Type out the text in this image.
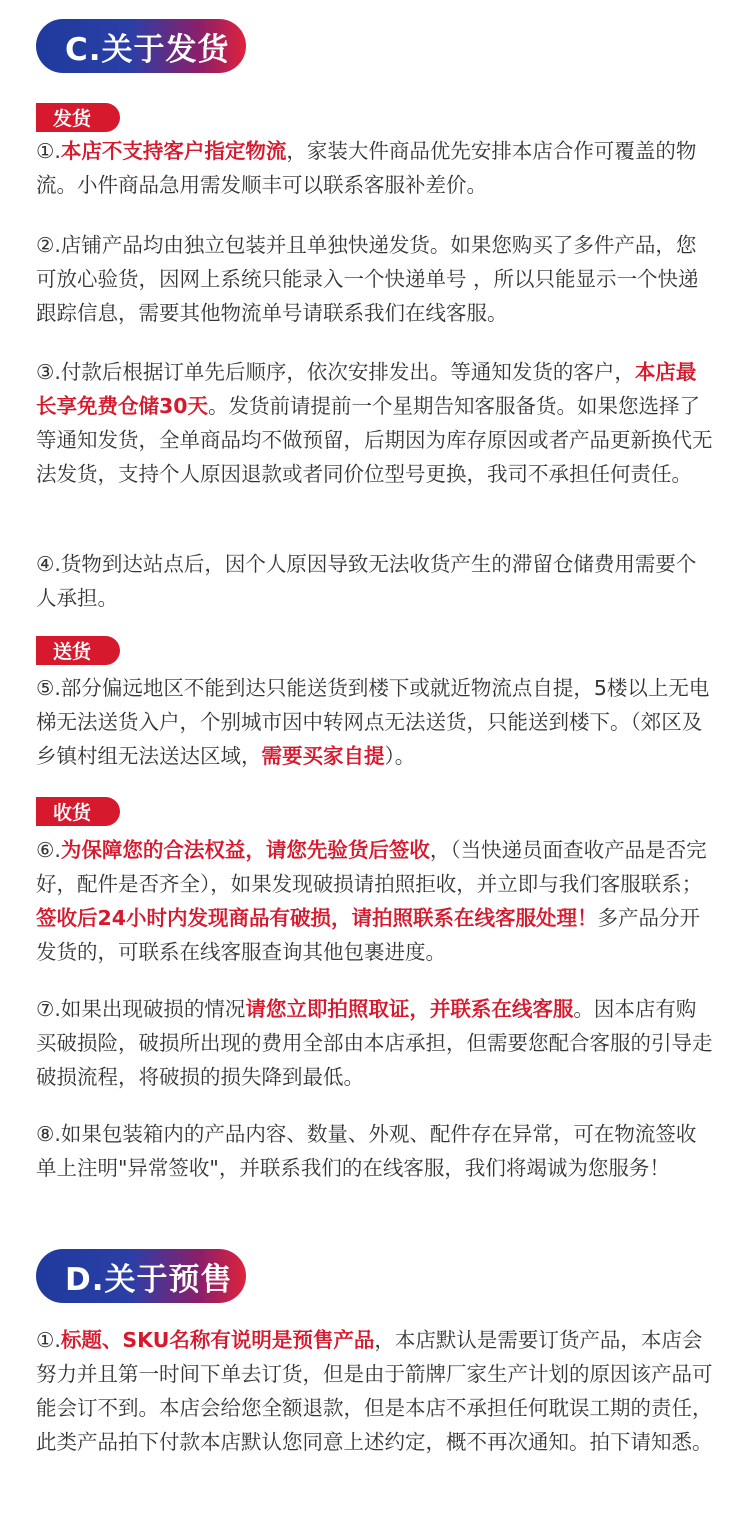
C.关于发货
发货

①.本店不支持客户指定物流，家装大件商品优先安排本店合作可覆盖的物流。小件商品急用需发顺丰可以联系客服补差价。

②.店铺产品均由独立包装并且单独快递发货。如果您购买了多件产品，您可放心验货，因网上系统只能录入一个快递单号 ，所以只能显示一个快递跟踪信息，需要其他物流单号请联系我们在线客服。

③.付款后根据订单先后顺序，依次安排发出。等通知发货的客户，本店最长享免费仓储30天。发货前请提前一个星期告知客服备货。如果您选择了等通知发货，全单商品均不做预留，后期因为库存原因或者产品更新换代无法发货，支持个人原因退款或者同价位型号更换，我司不承担任何责任。

④.货物到达站点后，因个人原因导致无法收货产生的滞留仓储费用需要个人承担。

送货

⑤.部分偏远地区不能到达只能送货到楼下或就近物流点自提，5楼以上无电梯无法送货入户，个别城市因中转网点无法送货，只能送到楼下。（郊区及乡镇村组无法送达区域，需要买家自提）。

收货

⑥.为保障您的合法权益，请您先验货后签收，（当快递员面查收产品是否完好，配件是否齐全），如果发现破损请拍照拒收，并立即与我们客服联系；签收后24小时内发现商品有破损，请拍照联系在线客服处理！多产品分开发货的，可联系在线客服查询其他包裹进度。

⑦.如果出现破损的情况请您立即拍照取证，并联系在线客服。因本店有购买破损险，破损所出现的费用全部由本店承担，但需要您配合客服的引导走破损流程，将破损的损失降到最低。

⑧.如果包装箱内的产品内容、数量、外观、配件存在异常，可在物流签收单上注明"异常签收"，并联系我们的在线客服，我们将竭诚为您服务！

D.关于预售

①.标题、SKU名称有说明是预售产品，本店默认是需要订货产品，本店会努力并且第一时间下单去订货，但是由于箭牌厂家生产计划的原因该产品可能会订不到。本店会给您全额退款，但是本店不承担任何耽误工期的责任，此类产品拍下付款本店默认您同意上述约定，概不再次通知。拍下请知悉。
